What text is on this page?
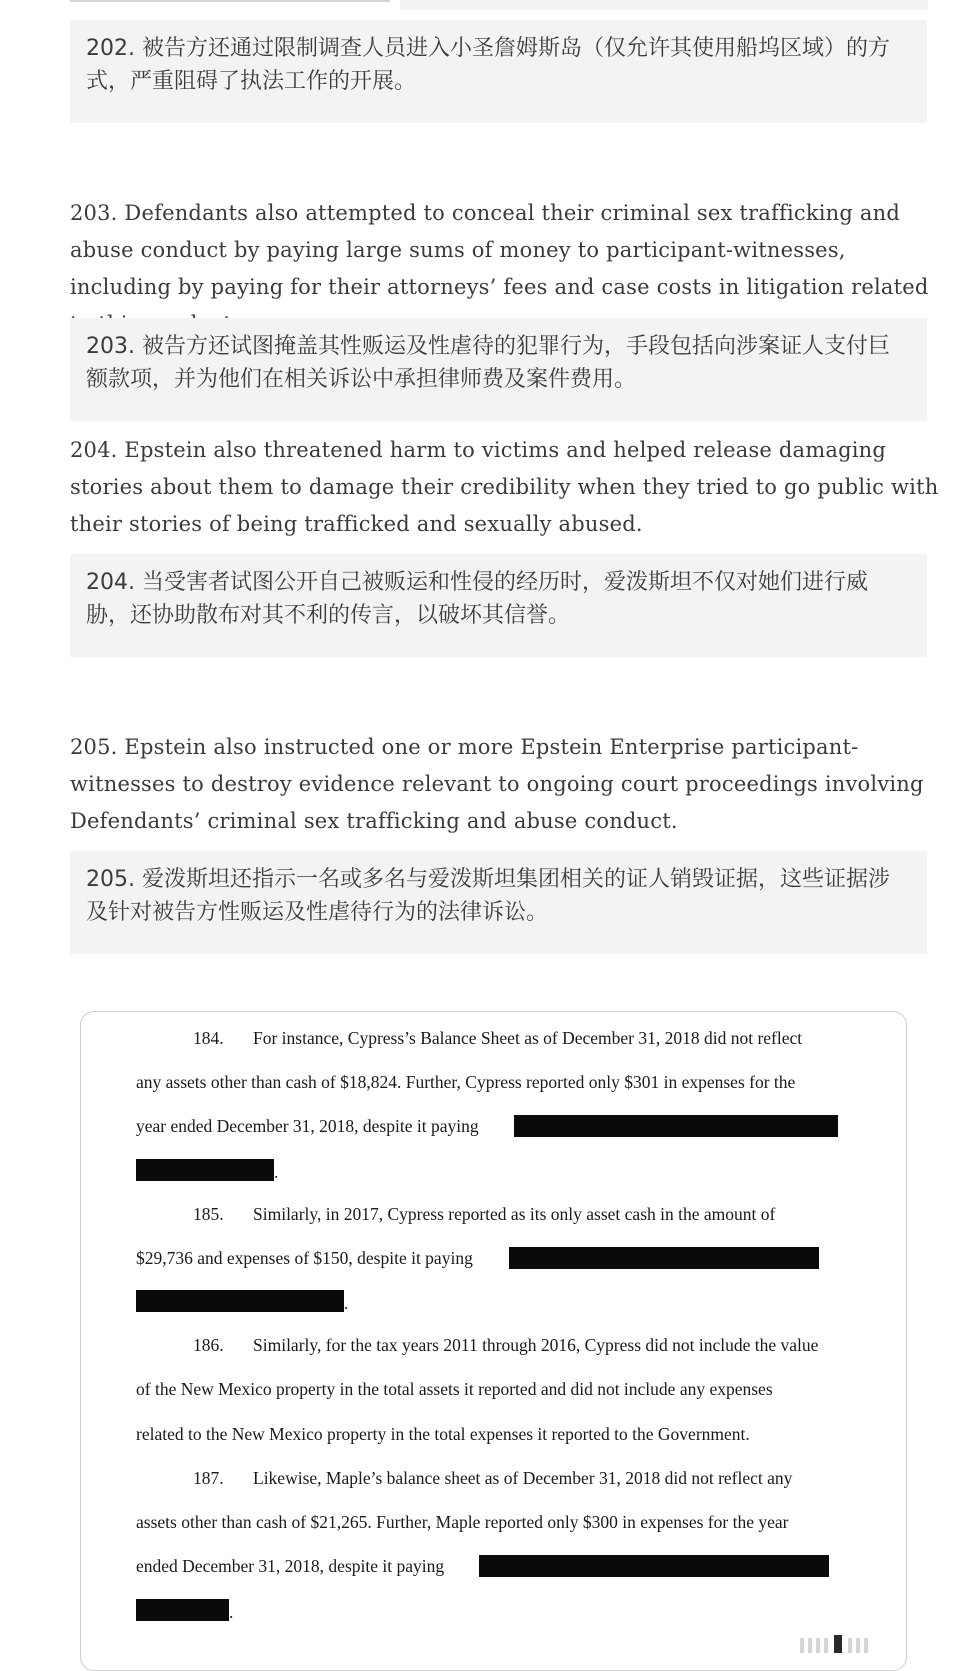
202. 被告方还通过限制调查人员进入小圣詹姆斯岛（仅允许其使用船坞区域）的方式，严重阻碍了执法工作的开展。
203. Defendants also attempted to conceal their criminal sex trafficking and abuse conduct by paying large sums of money to participant-witnesses, including by paying for their attorneys’ fees and case costs in litigation related
203. 被告方还试图掩盖其性贩运及性虐待的犯罪行为，手段包括向涉案证人支付巨额款项，并为他们在相关诉讼中承担律师费及案件费用。
204. Epstein also threatened harm to victims and helped release damaging stories about them to damage their credibility when they tried to go public with their stories of being trafficked and sexually abused.
204. 当受害者试图公开自己被贩运和性侵的经历时，爱泼斯坦不仅对她们进行威胁，还协助散布对其不利的传言，以破坏其信誉。
205. Epstein also instructed one or more Epstein Enterprise participant-witnesses to destroy evidence relevant to ongoing court proceedings involving Defendants’ criminal sex trafficking and abuse conduct.
205. 爱泼斯坦还指示一名或多名与爱泼斯坦集团相关的证人销毁证据，这些证据涉及针对被告方性贩运及性虐待行为的法律诉讼。
184. For instance, Cypress’s Balance Sheet as of December 31, 2018 did not reflect
any assets other than cash of $18,824. Further, Cypress reported only $301 in expenses for the
year ended December 31, 2018, despite it paying
.
185. Similarly, in 2017, Cypress reported as its only asset cash in the amount of
$29,736 and expenses of $150, despite it paying
.
186. Similarly, for the tax years 2011 through 2016, Cypress did not include the value
of the New Mexico property in the total assets it reported and did not include any expenses
related to the New Mexico property in the total expenses it reported to the Government.
187. Likewise, Maple’s balance sheet as of December 31, 2018 did not reflect any
assets other than cash of $21,265. Further, Maple reported only $300 in expenses for the year
ended December 31, 2018, despite it paying
.
